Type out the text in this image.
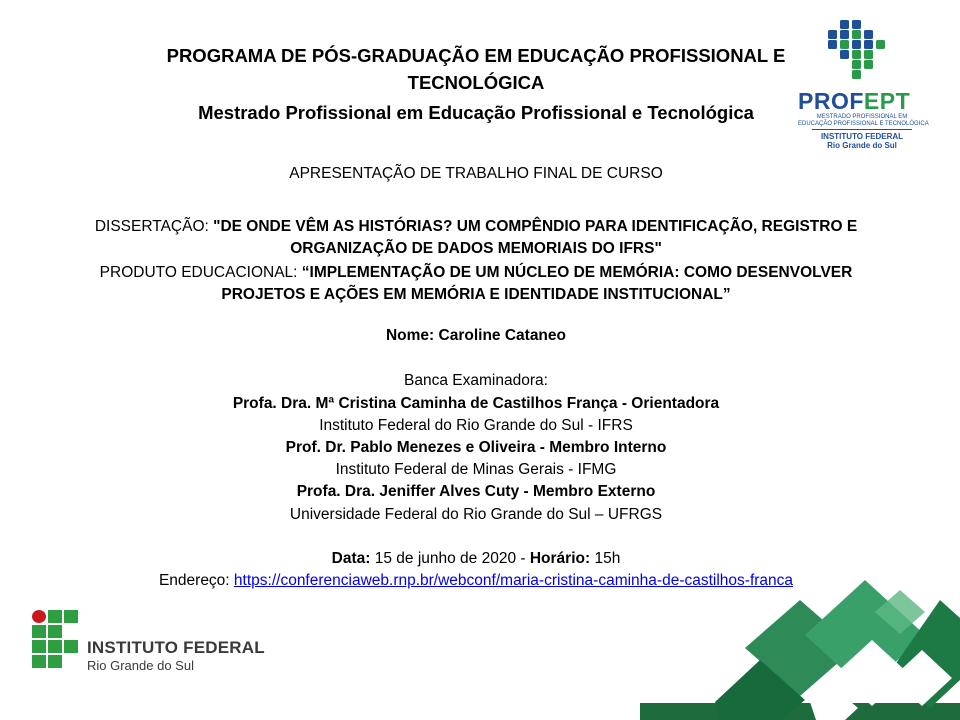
PROFEPT
MESTRADO PROFISSIONAL EM
EDUCAÇÃO PROFISSIONAL E TECNOLÓGICA
INSTITUTO FEDERAL
Rio Grande do Sul
PROGRAMA DE PÓS-GRADUAÇÃO EM EDUCAÇÃO PROFISSIONAL E
TECNOLÓGICA
Mestrado Profissional em Educação Profissional e Tecnológica
APRESENTAÇÃO DE TRABALHO FINAL DE CURSO
DISSERTAÇÃO: "DE ONDE VÊM AS HISTÓRIAS? UM COMPÊNDIO PARA IDENTIFICAÇÃO, REGISTRO E
ORGANIZAÇÃO DE DADOS MEMORIAIS DO IFRS"
PRODUTO EDUCACIONAL: “IMPLEMENTAÇÃO DE UM NÚCLEO DE MEMÓRIA: COMO DESENVOLVER
PROJETOS E AÇÕES EM MEMÓRIA E IDENTIDADE INSTITUCIONAL”
Nome: Caroline Cataneo
Banca Examinadora:
Profa. Dra. Mª Cristina Caminha de Castilhos França - Orientadora
Instituto Federal do Rio Grande do Sul - IFRS
Prof. Dr. Pablo Menezes e Oliveira - Membro Interno
Instituto Federal de Minas Gerais - IFMG
Profa. Dra. Jeniffer Alves Cuty - Membro Externo
Universidade Federal do Rio Grande do Sul – UFRGS
Data: 15 de junho de 2020 - Horário: 15h
Endereço: https://conferenciaweb.rnp.br/webconf/maria-cristina-caminha-de-castilhos-franca
INSTITUTO FEDERAL
Rio Grande do Sul
